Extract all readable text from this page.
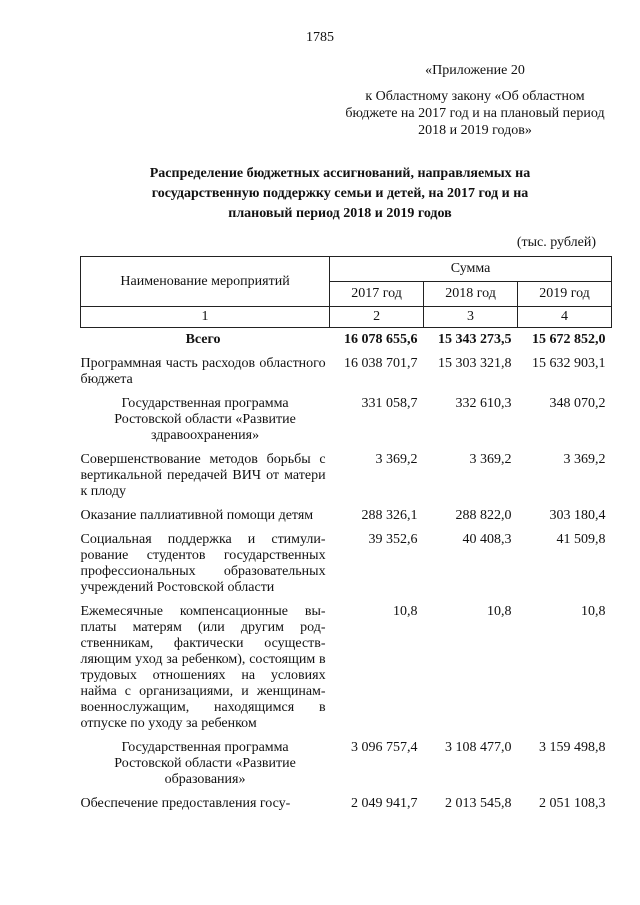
1785
«Приложение 20
к Областному закону «Об областном бюджете на 2017 год и на плановый период 2018 и 2019 годов»
Распределение бюджетных ассигнований, направляемых на государственную поддержку семьи и детей, на 2017 год и на плановый период 2018 и 2019 годов
(тыс. рублей)
Наименование мероприятий	Сумма		
	2017 год	2018 год	2019 год
1	2	3	4
Всего	16 078 655,6	15 343 273,5	15 672 852,0
Программная часть расходов областного бюджета	16 038 701,7	15 303 321,8	15 632 903,1
Государственная программа Ростовской области «Развитие здравоохранения»	331 058,7	332 610,3	348 070,2
Совершенствование методов борьбы с вертикальной передачей ВИЧ от матери к плоду	3 369,2	3 369,2	3 369,2
Оказание паллиативной помощи детям	288 326,1	288 822,0	303 180,4
Социальная поддержка и стимулирование студентов государственных профессиональных образовательных учреждений Ростовской области	39 352,6	40 408,3	41 509,8
Ежемесячные компенсационные выплаты матерям (или другим родственникам, фактически осуществляющим уход за ребенком), состоящим в трудовых отношениях на условиях найма с организациями, и женщинам-военнослужащим, находящимся в отпуске по уходу за ребенком	10,8	10,8	10,8
Государственная программа Ростовской области «Развитие образования»	3 096 757,4	3 108 477,0	3 159 498,8
Обеспечение предоставления госу-	2 049 941,7	2 013 545,8	2 051 108,3
